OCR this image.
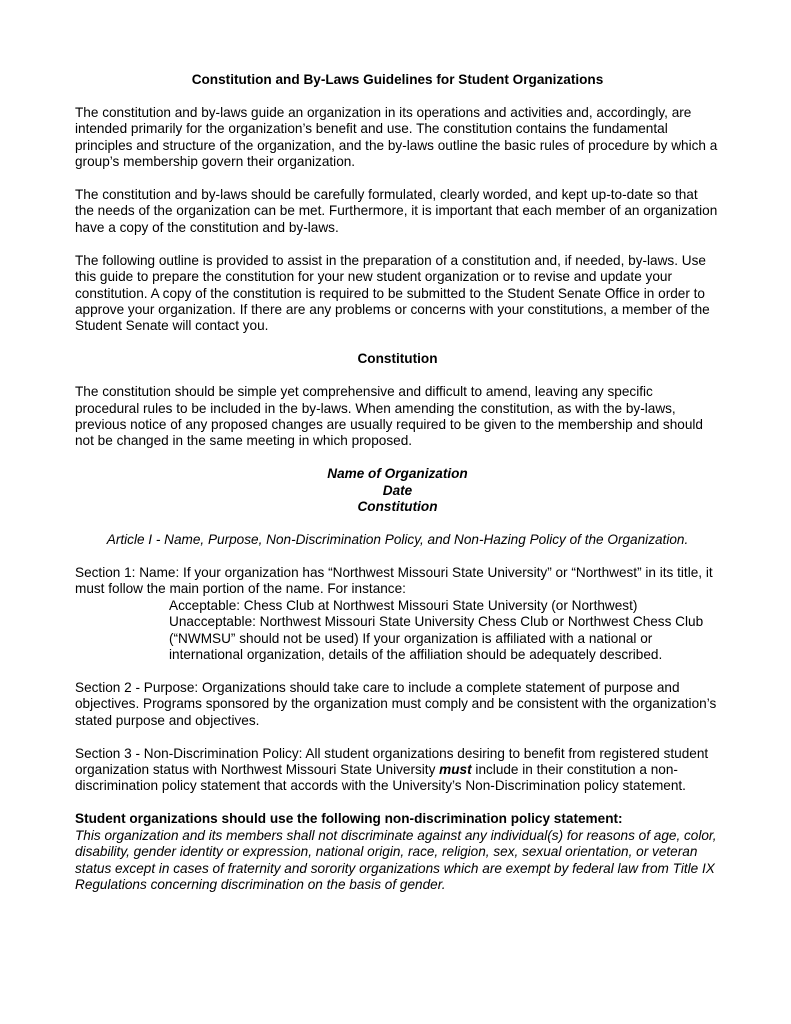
Constitution and By-Laws Guidelines for Student Organizations

The constitution and by-laws guide an organization in its operations and activities and, accordingly, are intended primarily for the organization’s benefit and use. The constitution contains the fundamental principles and structure of the organization, and the by-laws outline the basic rules of procedure by which a group’s membership govern their organization.

The constitution and by-laws should be carefully formulated, clearly worded, and kept up-to-date so that the needs of the organization can be met. Furthermore, it is important that each member of an organization have a copy of the constitution and by-laws.

The following outline is provided to assist in the preparation of a constitution and, if needed, by-laws. Use this guide to prepare the constitution for your new student organization or to revise and update your constitution. A copy of the constitution is required to be submitted to the Student Senate Office in order to approve your organization. If there are any problems or concerns with your constitutions, a member of the Student Senate will contact you.

Constitution

The constitution should be simple yet comprehensive and difficult to amend, leaving any specific procedural rules to be included in the by-laws. When amending the constitution, as with the by-laws, previous notice of any proposed changes are usually required to be given to the membership and should not be changed in the same meeting in which proposed.

Name of Organization

Date

Constitution

Article I - Name, Purpose, Non-Discrimination Policy, and Non-Hazing Policy of the Organization.

Section 1: Name: If your organization has “Northwest Missouri State University” or “Northwest” in its title, it must follow the main portion of the name. For instance:

Acceptable: Chess Club at Northwest Missouri State University (or Northwest)

Unacceptable: Northwest Missouri State University Chess Club or Northwest Chess Club (“NWMSU” should not be used) If your organization is affiliated with a national or international organization, details of the affiliation should be adequately described.

Section 2 - Purpose: Organizations should take care to include a complete statement of purpose and objectives. Programs sponsored by the organization must comply and be consistent with the organization’s stated purpose and objectives.

Section 3 - Non-Discrimination Policy: All student organizations desiring to benefit from registered student organization status with Northwest Missouri State University must include in their constitution a non-discrimination policy statement that accords with the University’s Non-Discrimination policy statement.

Student organizations should use the following non-discrimination policy statement:

This organization and its members shall not discriminate against any individual(s) for reasons of age, color, disability, gender identity or expression, national origin, race, religion, sex, sexual orientation, or veteran status except in cases of fraternity and sorority organizations which are exempt by federal law from Title IX Regulations concerning discrimination on the basis of gender.
